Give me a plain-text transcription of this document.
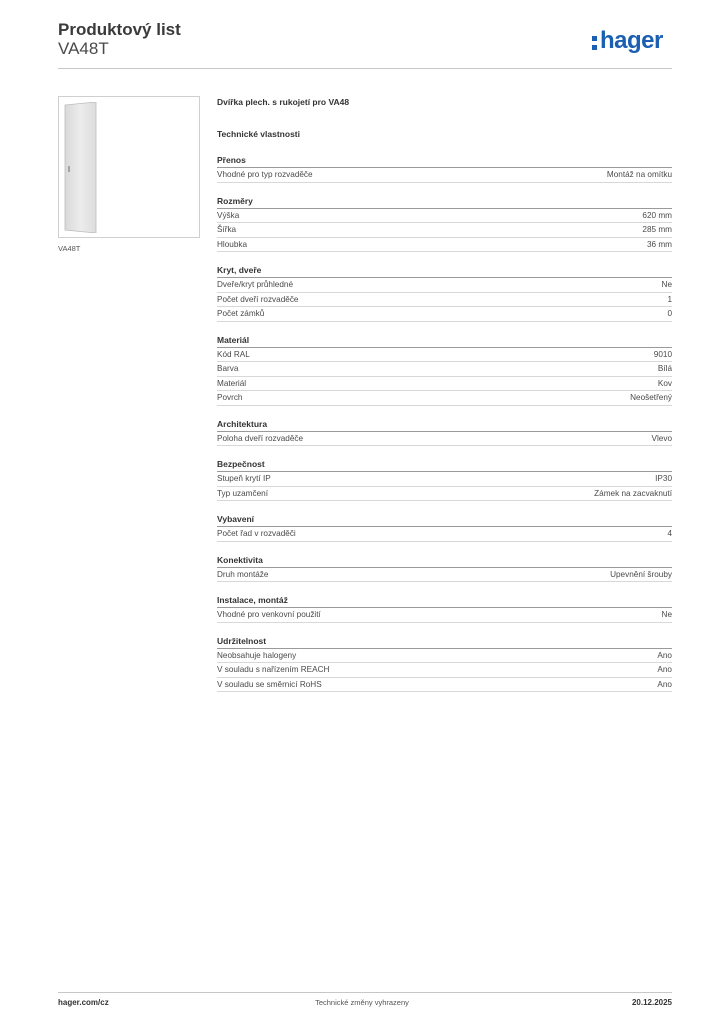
Produktový list
VA48T	hager
VA48T
Dvířka plech. s rukojetí pro VA48
Technické vlastnosti
Přenos
Vhodné pro typ rozvaděče	Montáž na omítku
Rozměry
Výška	620 mm
Šířka	285 mm
Hloubka	36 mm
Kryt, dveře
Dveře/kryt průhledné	Ne
Počet dveří rozvaděče	1
Počet zámků	0
Materiál
Kód RAL	9010
Barva	Bílá
Materiál	Kov
Povrch	Neošetřený
Architektura
Poloha dveří rozvaděče	Vlevo
Bezpečnost
Stupeň krytí IP	IP30
Typ uzamčení	Zámek na zacvaknutí
Vybavení
Počet řad v rozvaděči	4
Konektivita
Druh montáže	Upevnění šrouby
Instalace, montáž
Vhodné pro venkovní použití	Ne
Udržitelnost
Neobsahuje halogeny	Ano
V souladu s nařízením REACH	Ano
V souladu se směrnicí RoHS	Ano
hager.com/cz	Technické změny vyhrazeny	20.12.2025
